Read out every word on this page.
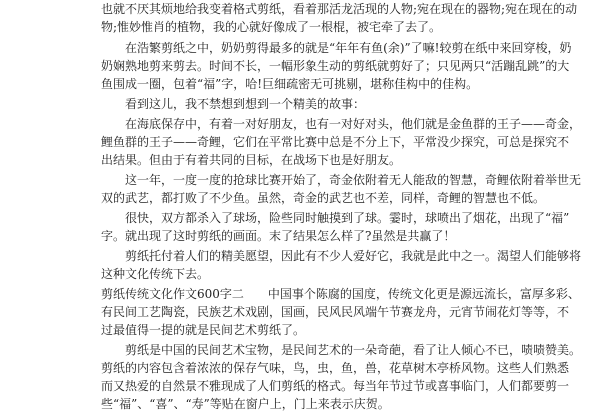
也就不厌其烦地给我变着格式剪纸，看着那活龙活现的人物;宛在现在的器物;宛在现在的动

物;惟妙惟肖的植物，我的心就好像成了一根棍，被宅牵了去了。

在浩繁剪纸之中，奶奶剪得最多的就是“年年有鱼(余)”了嘛!较剪在纸中来回穿梭，奶

奶娴熟地剪来剪去。时间不长，一幅形象生动的剪纸就剪好了；只见两只“活蹦乱跳”的大

鱼围成一圈，包着“福”字，哈!巨细疏密无可挑剔，堪称佳构中的佳构。

看到这儿，我不禁想到想到一个精美的故事：

在海底保存中，有着一对好朋友，也有一对好对头，他们就是金鱼群的王子——奇金，

鲤鱼群的王子——奇鲤，它们在平常比赛中总是不分上下，平常没少探究，可总是探究不

出结果。但由于有着共同的目标，在战场下也是好朋友。

这一年，一度一度的抢球比赛开始了，奇金依附着无人能敌的智慧，奇鲤依附着举世无

双的武艺，都打败了不少鱼。虽然，奇金的武艺也不差，同样，奇鲤的智慧也不低。

很快，双方都杀入了球场，险些同时触摸到了球。霎时，球喷出了烟花，出现了“福”

字。就出现了这时剪纸的画面。末了结果怎么样了?虽然是共赢了！

剪纸托付着人们的精美愿望，因此有不少人爱好它，我就是此中之一。渴望人们能够将

这种文化传统下去。

剪纸传统文化作文600字二　　中国事个陈腐的国度，传统文化更是源远流长，富厚多彩、

有民间工艺陶瓷，民族艺术戏剧，国画，民风民风端午节赛龙舟，元宵节闹花灯等等，不

过最值得一提的就是民间艺术剪纸了。

剪纸是中国的民间艺术宝物，是民间艺术的一朵奇葩，看了让人倾心不已，啧啧赞美。

剪纸的内容包含着浓浓的保存气味，鸟，虫，鱼，兽，花草树木亭桥风物。这些人们熟悉

而又热爱的自然景不雅现成了人们剪纸的格式。每当年节过节或喜事临门，人们都要剪一

些“福”、“喜”、“寿”等贴在窗户上，门上来表示庆贺。
